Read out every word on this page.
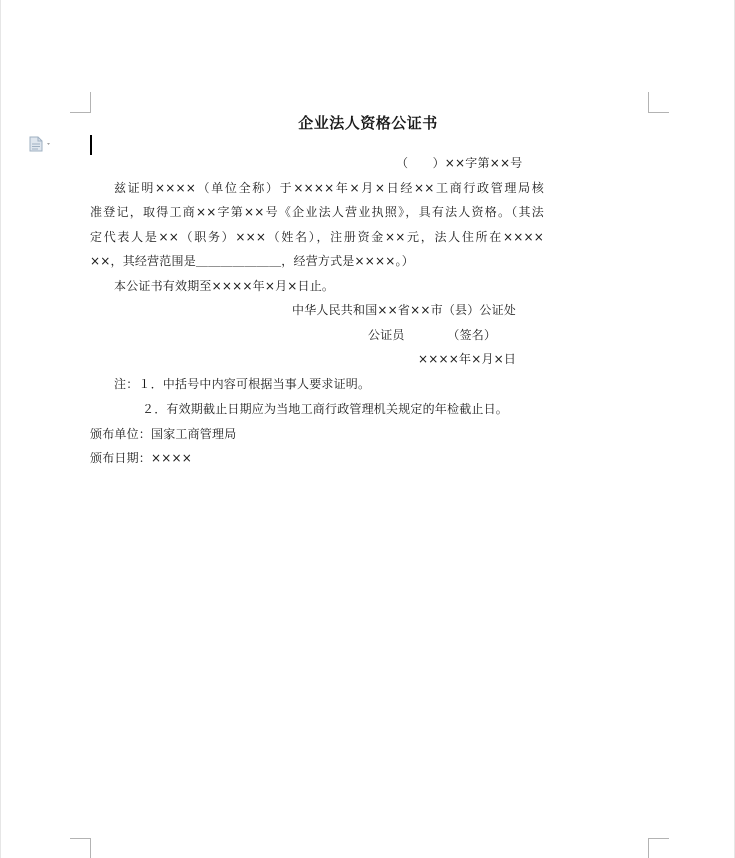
企业法人资格公证书
（　　）××字第××号
兹证明××××（单位全称）于××××年×月×日经××工商行政管理局核
准登记，取得工商××字第××号《企业法人营业执照》，具有法人资格。（其法
定代表人是××（职务）×××（姓名），注册资金××元，法人住所在××××
××，其经营范围是＿＿＿＿＿＿＿，经营方式是××××。）
本公证书有效期至××××年×月×日止。
中华人民共和国××省××市（县）公证处
公证员　　　　（签名）
××××年×月×日
注：１．中括号中内容可根据当事人要求证明。
２．有效期截止日期应为当地工商行政管理机关规定的年检截止日。
颁布单位：国家工商管理局
颁布日期：××××
